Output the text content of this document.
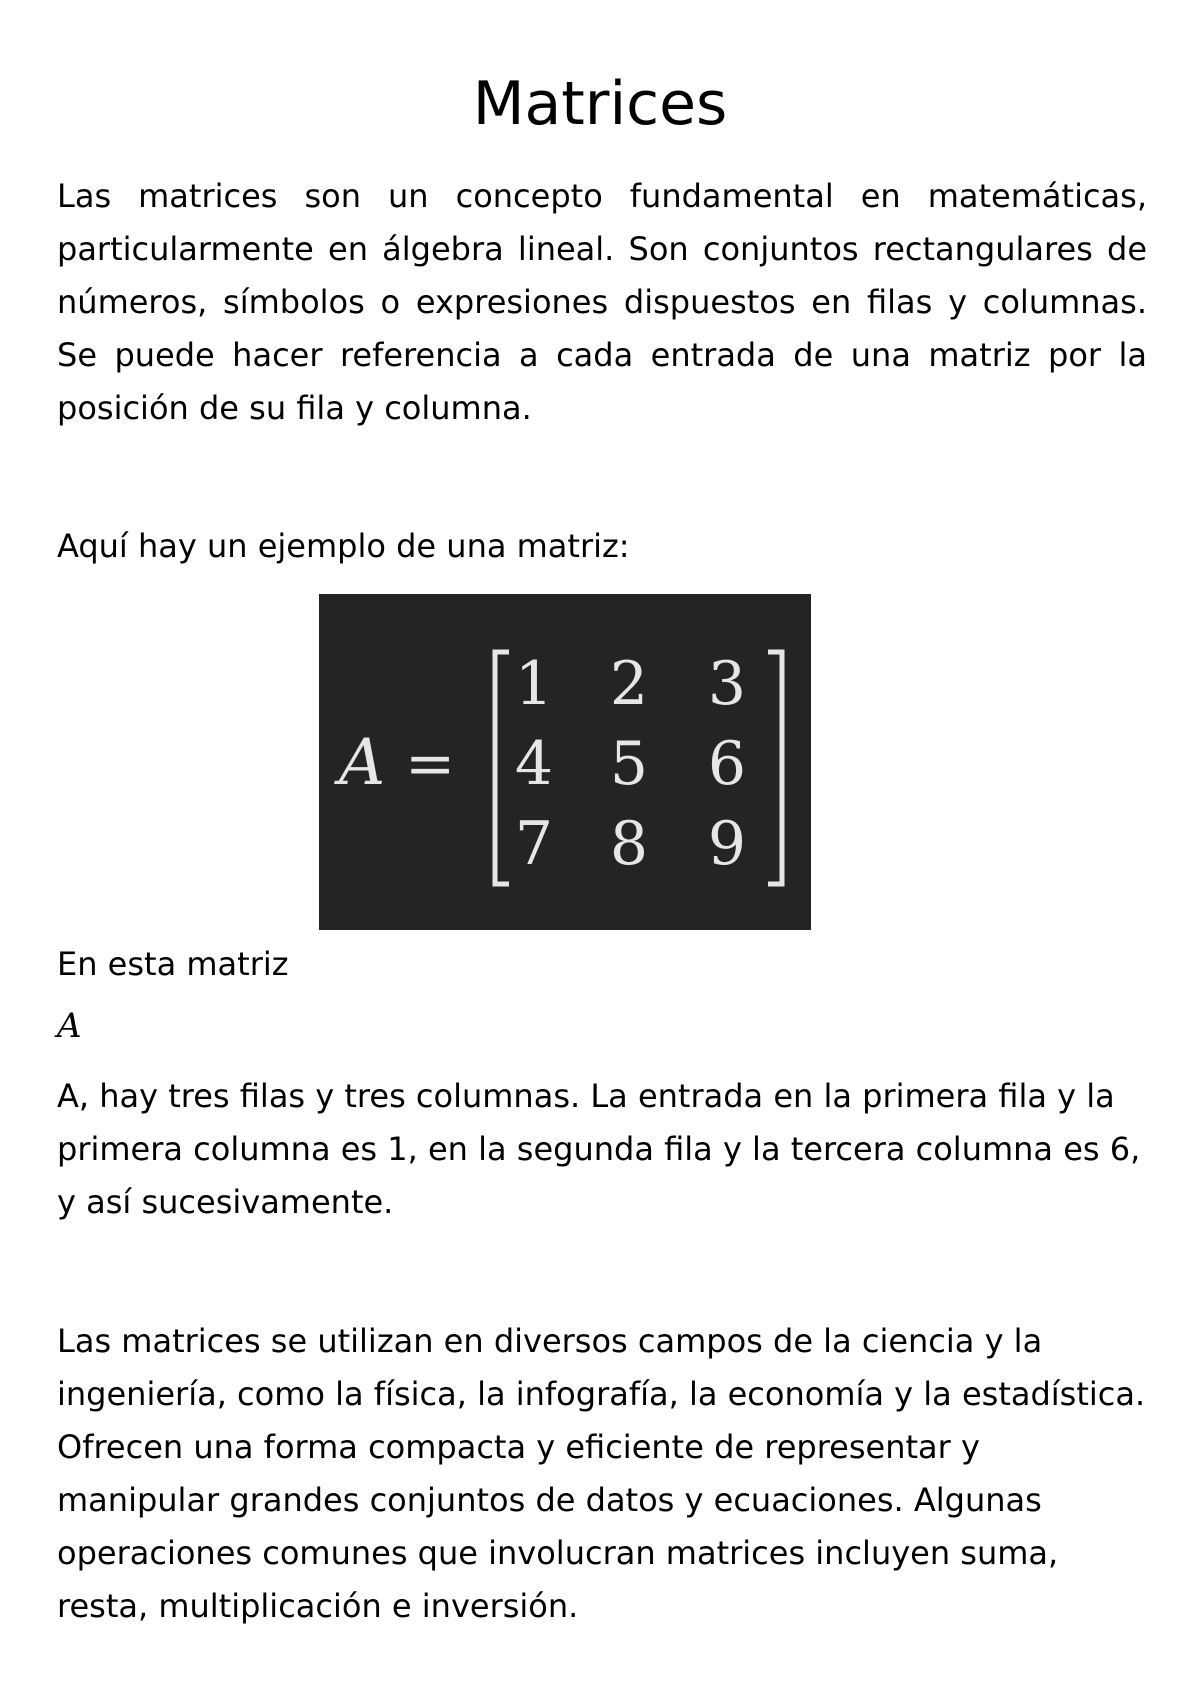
Matrices

Las matrices son un concepto fundamental en matemáticas, particularmente en álgebra lineal. Son conjuntos rectangulares de números, símbolos o expresiones dispuestos en filas y columnas. Se puede hacer referencia a cada entrada de una matriz por la posición de su fila y columna.

Aquí hay un ejemplo de una matriz:

A =
1 2 3
4 5 6
7 8 9

En esta matriz

A

A, hay tres filas y tres columnas. La entrada en la primera fila y la primera columna es 1, en la segunda fila y la tercera columna es 6, y así sucesivamente.

Las matrices se utilizan en diversos campos de la ciencia y la ingeniería, como la física, la infografía, la economía y la estadística. Ofrecen una forma compacta y eficiente de representar y manipular grandes conjuntos de datos y ecuaciones. Algunas operaciones comunes que involucran matrices incluyen suma, resta, multiplicación e inversión.
